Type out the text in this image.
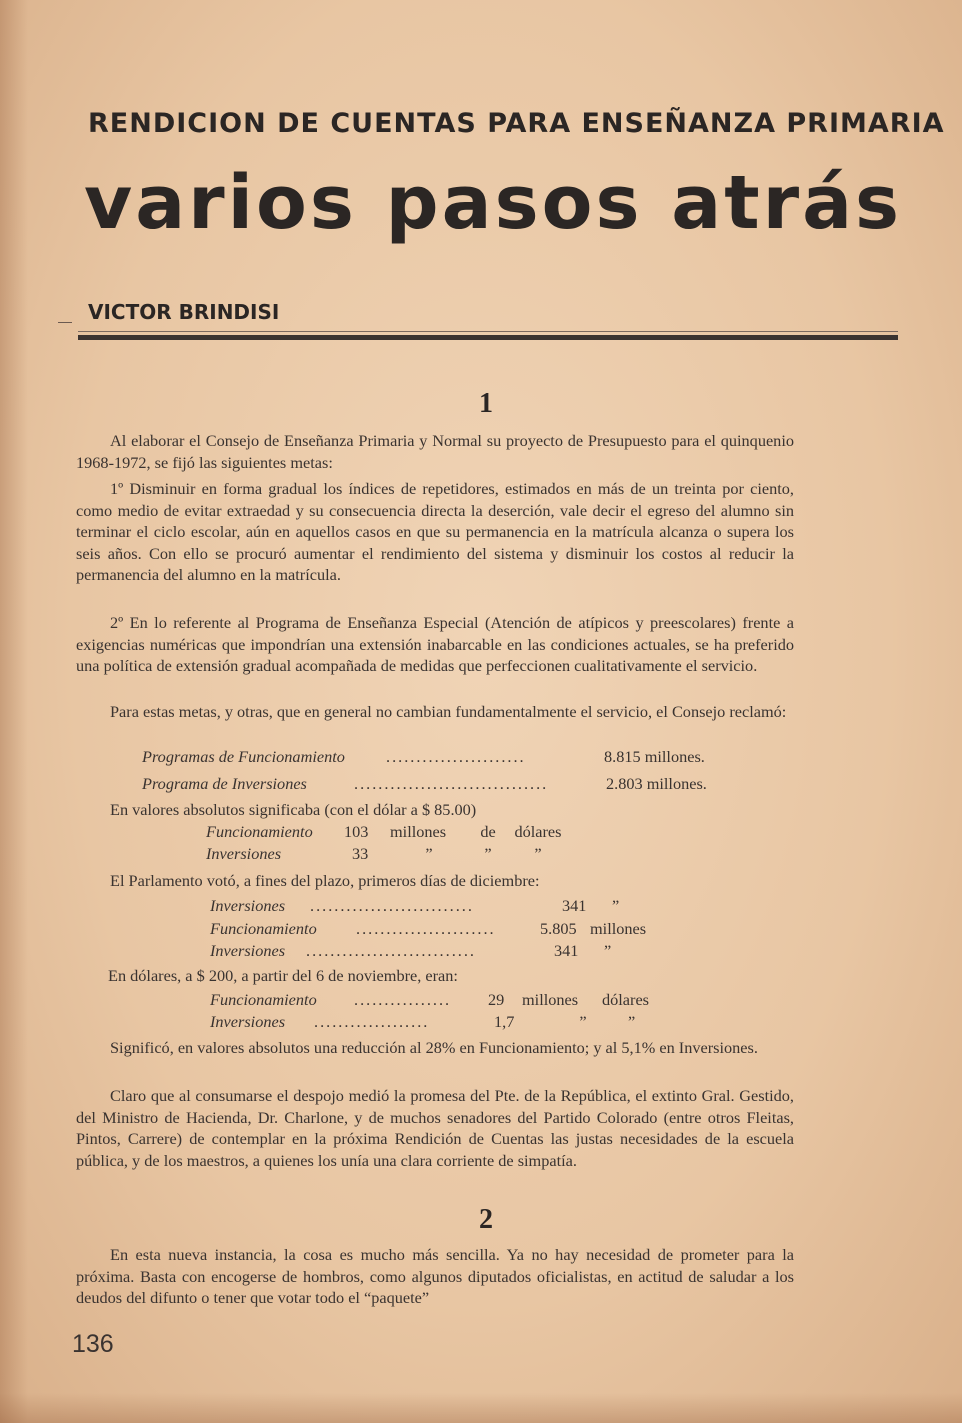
RENDICION DE CUENTAS PARA ENSEÑANZA PRIMARIA
varios pasos atrás
VICTOR BRINDISI
1
Al elaborar el Consejo de Enseñanza Primaria y Normal su proyecto de Presupuesto para el quinquenio 1968-1972, se fijó las siguientes metas:
1º Disminuir en forma gradual los índices de repetidores, estimados en más de un treinta por ciento, como medio de evitar extraedad y su consecuencia directa la deserción, vale decir el egreso del alumno sin terminar el ciclo escolar, aún en aquellos casos en que su permanencia en la matrícula alcanza o supera los seis años. Con ello se procuró aumentar el rendimiento del sistema y disminuir los costos al reducir la permanencia del alumno en la matrícula.
2º En lo referente al Programa de Enseñanza Especial (Atención de atípicos y preescolares) frente a exigencias numéricas que impondrían una extensión inabarcable en las condiciones actuales, se ha preferido una política de extensión gradual acompañada de medidas que perfeccionen cualitativamente el servicio.
Para estas metas, y otras, que en general no cambian fundamentalmente el servicio, el Consejo reclamó:
Programas de Funcionamiento	.......................	8.815 millones.
Programa de Inversiones	................................	2.803 millones.
En valores absolutos significaba (con el dólar a $ 85.00)
Funcionamiento 103 millones de dólares
Inversiones	33	”	”	”
El Parlamento votó, a fines del plazo, primeros días de diciembre:
Inversiones ...........................	341 ”
Funcionamiento .......................	5.805 millones
Inversiones ............................	341 ”
En dólares, a $ 200, a partir del 6 de noviembre, eran:
Funcionamiento ................ 29 millones dólares
Inversiones ...................	1,7	”	”
Significó, en valores absolutos una reducción al 28% en Funcionamiento; y al 5,1% en Inversiones.
Claro que al consumarse el despojo medió la promesa del Pte. de la República, el extinto Gral. Gestido, del Ministro de Hacienda, Dr. Charlone, y de muchos senadores del Partido Colorado (entre otros Fleitas, Pintos, Carrere) de contemplar en la próxima Rendición de Cuentas las justas necesidades de la escuela pública, y de los maestros, a quienes los unía una clara corriente de simpatía.
2
En esta nueva instancia, la cosa es mucho más sencilla. Ya no hay necesidad de prometer para la próxima. Basta con encogerse de hombros, como algunos diputados oficialistas, en actitud de saludar a los deudos del difunto o tener que votar todo el “paquete”
136
